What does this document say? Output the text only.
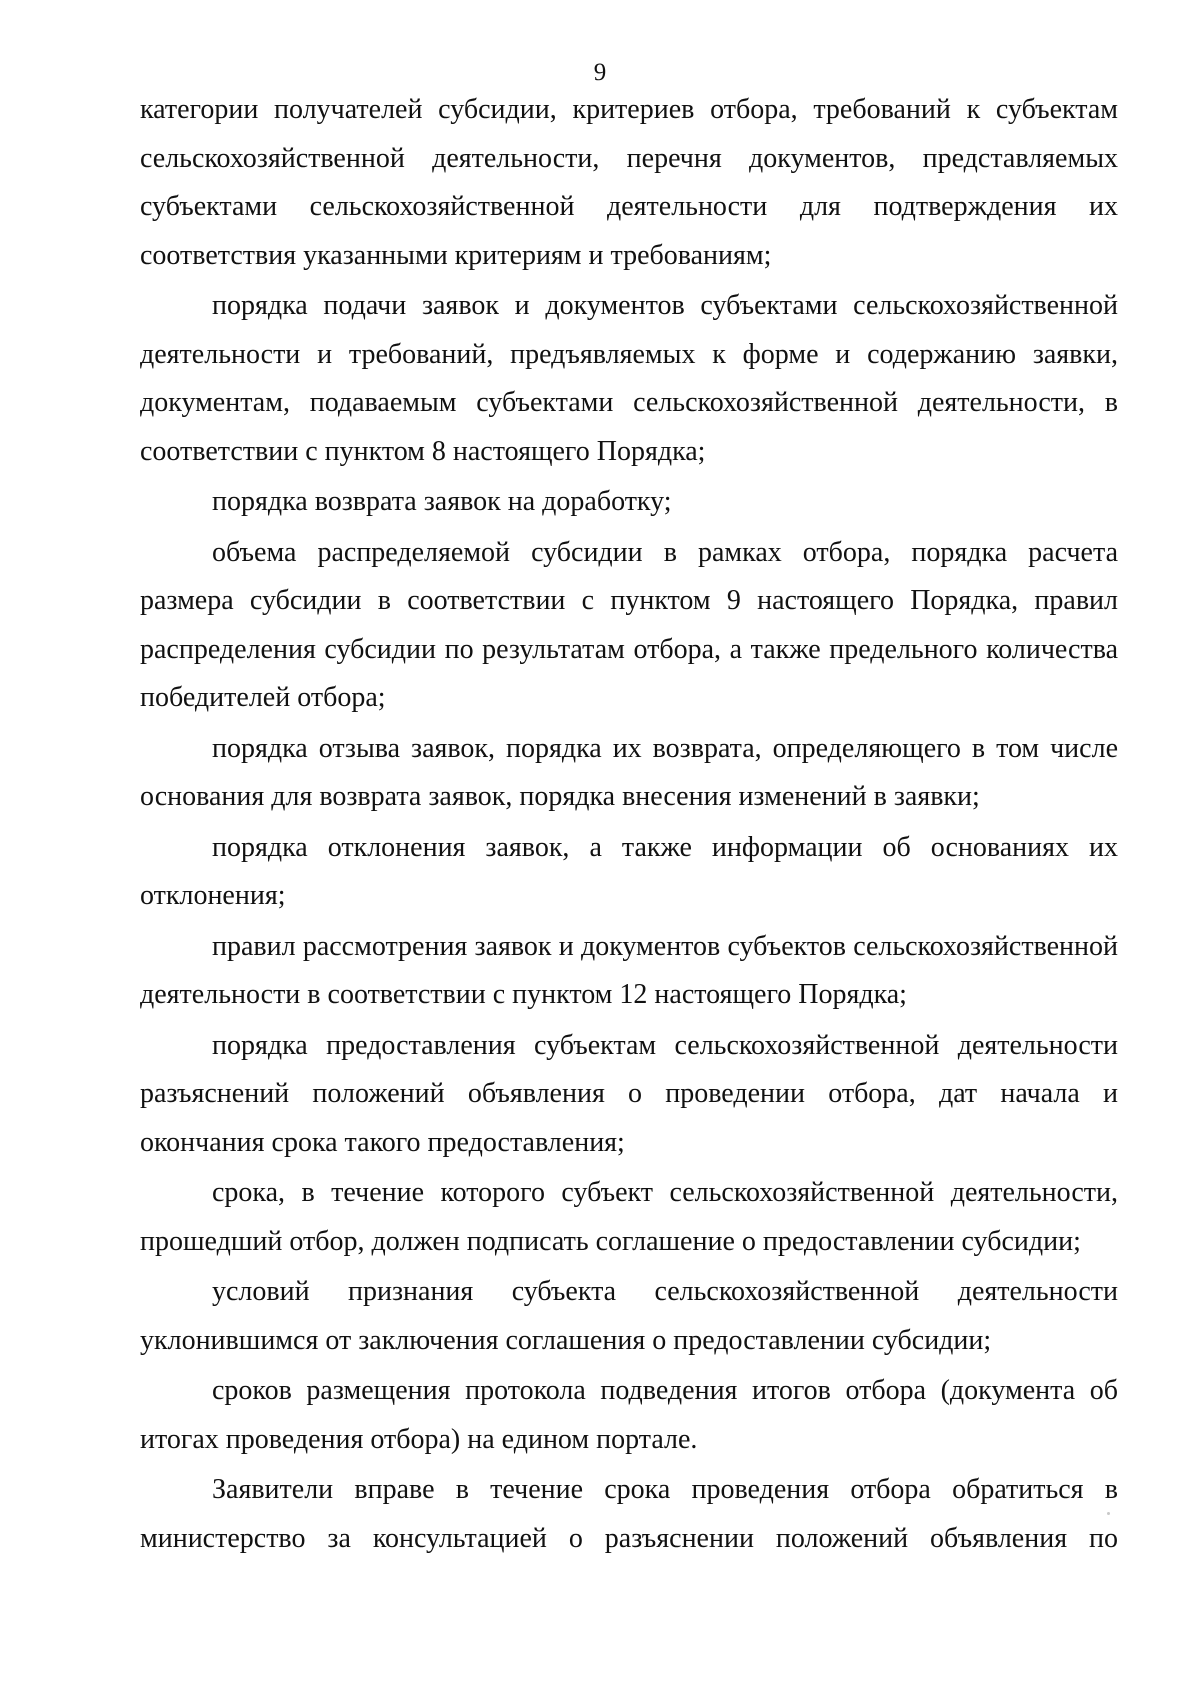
9

категории получателей субсидии, критериев отбора, требований к субъектам сельскохозяйственной деятельности, перечня документов, представляемых субъектами сельскохозяйственной деятельности для подтверждения их соответствия указанными критериям и требованиям;

порядка подачи заявок и документов субъектами сельскохозяйственной деятельности и требований, предъявляемых к форме и содержанию заявки, документам, подаваемым субъектами сельскохозяйственной деятельности, в соответствии с пунктом 8 настоящего Порядка;

порядка возврата заявок на доработку;

объема распределяемой субсидии в рамках отбора, порядка расчета размера субсидии в соответствии с пунктом 9 настоящего Порядка, правил распределения субсидии по результатам отбора, а также предельного количества победителей отбора;

порядка отзыва заявок, порядка их возврата, определяющего в том числе основания для возврата заявок, порядка внесения изменений в заявки;

порядка отклонения заявок, а также информации об основаниях их отклонения;

правил рассмотрения заявок и документов субъектов сельскохозяйственной деятельности в соответствии с пунктом 12 настоящего Порядка;

порядка предоставления субъектам сельскохозяйственной деятельности разъяснений положений объявления о проведении отбора, дат начала и окончания срока такого предоставления;

срока, в течение которого субъект сельскохозяйственной деятельности, прошедший отбор, должен подписать соглашение о предоставлении субсидии;

условий признания субъекта сельскохозяйственной деятельности уклонившимся от заключения соглашения о предоставлении субсидии;

сроков размещения протокола подведения итогов отбора (документа об итогах проведения отбора) на едином портале.

Заявители вправе в течение срока проведения отбора обратиться в министерство за консультацией о разъяснении положений объявления по
